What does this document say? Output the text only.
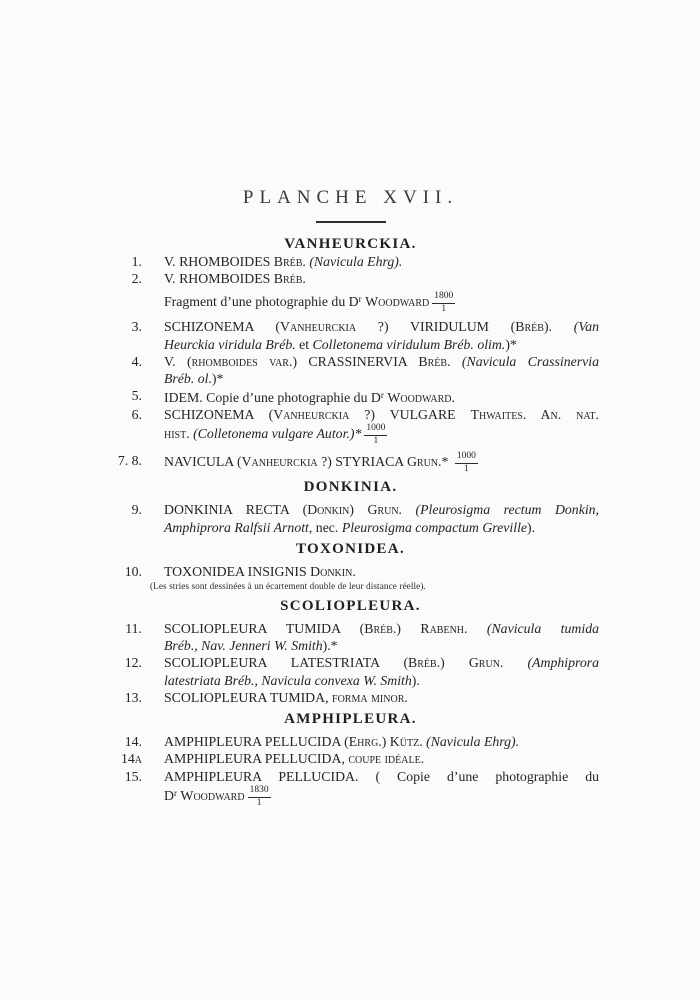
PLANCHE XVII.
VANHEURCKIA.
1. V. RHOMBOIDES Bréb. (Navicula Ehrg).
2. V. RHOMBOIDES Bréb.
Fragment d’une photographie du $D^r$ Woodward $\frac{1800}{1}$
3. SCHIZONEMA (Vanheurckia ?) VIRIDULUM (Bréb). (Van
Heurckia viridula Bréb. et Colletonema viridulum Bréb. olim.)*
4. V. (rhomboides var.) CRASSINERVIA Bréb. (Navicula Crassinervia
Bréb. ol.)*
5. IDEM. Copie d’une photographie du $D^r$ Woodward.
6. SCHIZONEMA (Vanheurckia ?) VULGARE Thwaites. An. nat.
hist. (Colletonema vulgare Autor.)* $\frac{1000}{1}$
7. 8. NAVICULA (Vanheurckia ?) STYRIACA Grun.* $\frac{1000}{1}$
DONKINIA.
9. DONKINIA RECTA (Donkin) Grun. (Pleurosigma rectum Donkin,
Amphiprora Ralfsii Arnott, nec. Pleurosigma compactum Greville).
TOXONIDEA.
10. TOXONIDEA INSIGNIS Donkin.
(Les stries sont dessinées à un écartement double de leur distance réelle).
SCOLIOPLEURA.
11. SCOLIOPLEURA TUMIDA (Bréb.) Rabenh. (Navicula tumida
Bréb., Nav. Jenneri W. Smith).*
12. SCOLIOPLEURA LATESTRIATA (Bréb.) Grun. (Amphiprora
latestriata Bréb., Navicula convexa W. Smith).
13. SCOLIOPLEURA TUMIDA, forma minor.
AMPHIPLEURA.
14. AMPHIPLEURA PELLUCIDA (Ehrg.) Kütz. (Navicula Ehrg).
14a AMPHIPLEURA PELLUCIDA, coupe idéale.
15. AMPHIPLEURA PELLUCIDA. ( Copie d’une photographie du
$D^r$ Woodward $\frac{1830}{1}$
